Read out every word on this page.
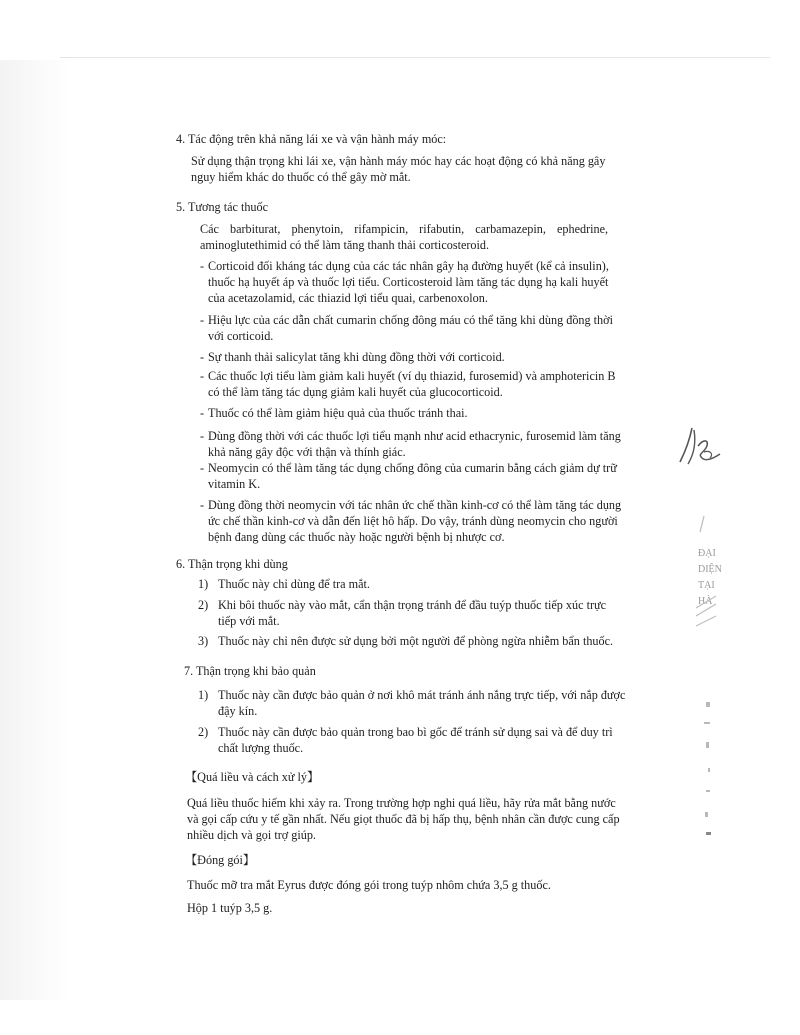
4. Tác động trên khả năng lái xe và vận hành máy móc:

Sử dụng thận trọng khi lái xe, vận hành máy móc hay các hoạt động có khả năng gây

nguy hiểm khác do thuốc có thể gây mờ mắt.

5. Tương tác thuốc

Các barbiturat, phenytoin, rifampicin, rifabutin, carbamazepin, ephedrine,

aminoglutethimid có thể làm tăng thanh thải corticosteroid.

- Corticoid đối kháng tác dụng của các tác nhân gây hạ đường huyết (kể cả insulin),

thuốc hạ huyết áp và thuốc lợi tiểu. Corticosteroid làm tăng tác dụng hạ kali huyết

của acetazolamid, các thiazid lợi tiểu quai, carbenoxolon.

- Hiệu lực của các dẫn chất cumarin chống đông máu có thể tăng khi dùng đồng thời

với corticoid.

- Sự thanh thải salicylat tăng khi dùng đồng thời với corticoid.

- Các thuốc lợi tiểu làm giảm kali huyết (ví dụ thiazid, furosemid) và amphotericin B

có thể làm tăng tác dụng giảm kali huyết của glucocorticoid.

- Thuốc có thể làm giảm hiệu quả của thuốc tránh thai.

- Dùng đồng thời với các thuốc lợi tiểu mạnh như acid ethacrynic, furosemid làm tăng

khả năng gây độc với thận và thính giác.

- Neomycin có thể làm tăng tác dụng chống đông của cumarin bằng cách giảm dự trữ

vitamin K.

- Dùng đồng thời neomycin với tác nhân ức chế thần kinh-cơ có thể làm tăng tác dụng

ức chế thần kinh-cơ và dẫn đến liệt hô hấp. Do vậy, tránh dùng neomycin cho người

bệnh đang dùng các thuốc này hoặc người bệnh bị nhược cơ.

6. Thận trọng khi dùng

1) Thuốc này chỉ dùng để tra mắt.

2) Khi bôi thuốc này vào mắt, cẩn thận trọng tránh để đầu tuýp thuốc tiếp xúc trực

tiếp với mắt.

3) Thuốc này chỉ nên được sử dụng bởi một người để phòng ngừa nhiễm bẩn thuốc.

7. Thận trọng khi bảo quản

1) Thuốc này cần được bảo quản ở nơi khô mát tránh ánh nắng trực tiếp, với nắp được

đậy kín.

2) Thuốc này cần được bảo quản trong bao bì gốc để tránh sử dụng sai và để duy trì

chất lượng thuốc.

【Quá liều và cách xử lý】

Quá liều thuốc hiếm khi xảy ra. Trong trường hợp nghi quá liều, hãy rửa mắt bằng nước

và gọi cấp cứu y tế gần nhất. Nếu giọt thuốc đã bị hấp thụ, bệnh nhân cần được cung cấp

nhiều dịch và gọi trợ giúp.

【Đóng gói】

Thuốc mỡ tra mắt Eyrus được đóng gói trong tuýp nhôm chứa 3,5 g thuốc.

Hộp 1 tuýp 3,5 g.

ĐẠI
DIỆN
TẠI
HÀ
